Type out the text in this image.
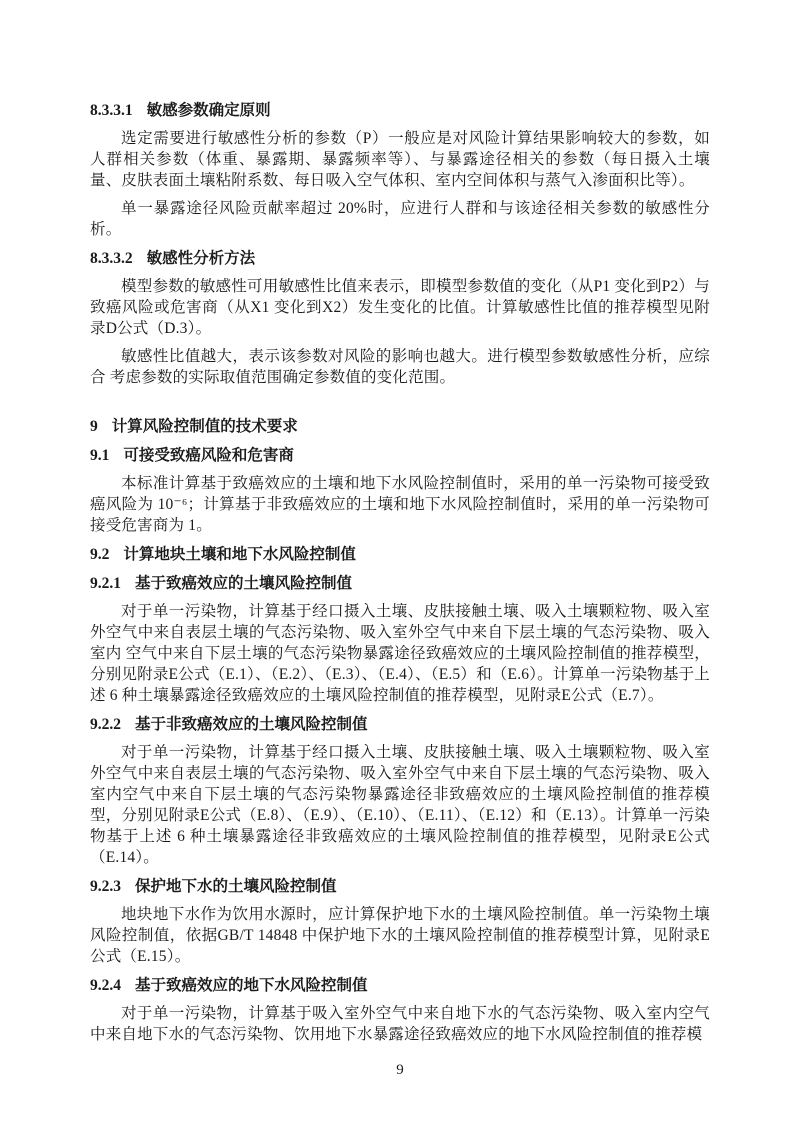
8.3.3.1 敏感参数确定原则

选定需要进行敏感性分析的参数（P）一般应是对风险计算结果影响较大的参数，如人群相关参数（体重、暴露期、暴露频率等）、与暴露途径相关的参数（每日摄入土壤量、皮肤表面土壤粘附系数、每日吸入空气体积、室内空间体积与蒸气入渗面积比等）。

单一暴露途径风险贡献率超过 20%时，应进行人群和与该途径相关参数的敏感性分析。

8.3.3.2 敏感性分析方法

模型参数的敏感性可用敏感性比值来表示，即模型参数值的变化（从P1 变化到P2）与致癌风险或危害商（从X1 变化到X2）发生变化的比值。计算敏感性比值的推荐模型见附录D公式（D.3）。

敏感性比值越大，表示该参数对风险的影响也越大。进行模型参数敏感性分析，应综合 考虑参数的实际取值范围确定参数值的变化范围。

9 计算风险控制值的技术要求
9.1 可接受致癌风险和危害商

本标准计算基于致癌效应的土壤和地下水风险控制值时，采用的单一污染物可接受致癌风险为 10⁻⁶；计算基于非致癌效应的土壤和地下水风险控制值时，采用的单一污染物可接受危害商为 1。

9.2 计算地块土壤和地下水风险控制值
9.2.1 基于致癌效应的土壤风险控制值

对于单一污染物，计算基于经口摄入土壤、皮肤接触土壤、吸入土壤颗粒物、吸入室外空气中来自表层土壤的气态污染物、吸入室外空气中来自下层土壤的气态污染物、吸入室内 空气中来自下层土壤的气态污染物暴露途径致癌效应的土壤风险控制值的推荐模型，分别见附录E公式（E.1）、（E.2）、（E.3）、（E.4）、（E.5）和（E.6）。计算单一污染物基于上述 6 种土壤暴露途径致癌效应的土壤风险控制值的推荐模型，见附录E公式（E.7）。

9.2.2 基于非致癌效应的土壤风险控制值

对于单一污染物，计算基于经口摄入土壤、皮肤接触土壤、吸入土壤颗粒物、吸入室外空气中来自表层土壤的气态污染物、吸入室外空气中来自下层土壤的气态污染物、吸入室内空气中来自下层土壤的气态污染物暴露途径非致癌效应的土壤风险控制值的推荐模型，分别见附录E公式（E.8）、（E.9）、（E.10）、（E.11）、（E.12）和（E.13）。计算单一污染物基于上述 6 种土壤暴露途径非致癌效应的土壤风险控制值的推荐模型，见附录E公式（E.14）。

9.2.3 保护地下水的土壤风险控制值

地块地下水作为饮用水源时，应计算保护地下水的土壤风险控制值。单一污染物土壤风险控制值，依据GB/T 14848 中保护地下水的土壤风险控制值的推荐模型计算，见附录E公式（E.15）。

9.2.4 基于致癌效应的地下水风险控制值

对于单一污染物，计算基于吸入室外空气中来自地下水的气态污染物、吸入室内空气中来自地下水的气态污染物、饮用地下水暴露途径致癌效应的地下水风险控制值的推荐模

9
